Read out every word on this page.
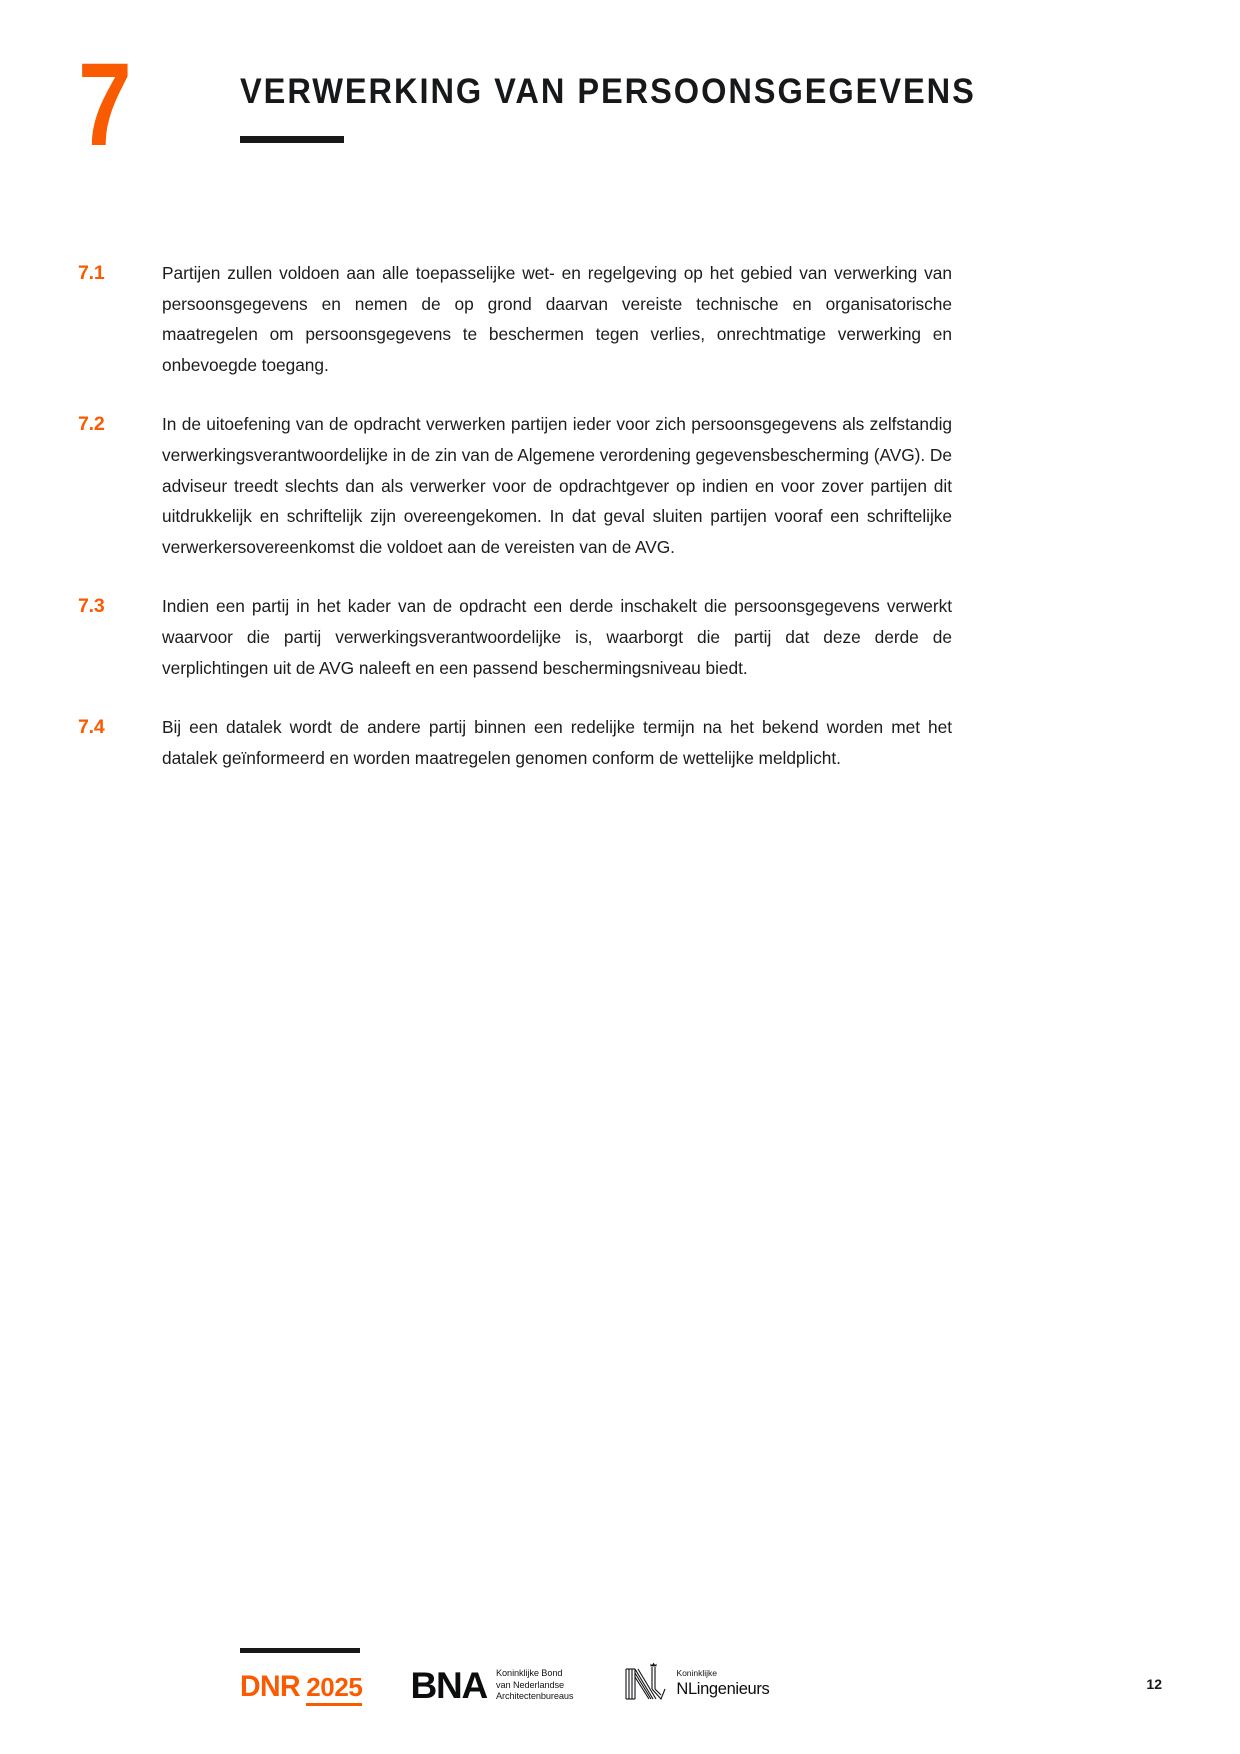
7	VERWERKING VAN PERSOONSGEGEVENS
7.1	Partijen zullen voldoen aan alle toepasselijke wet- en regelgeving op het gebied van verwerking van persoonsgegevens en nemen de op grond daarvan vereiste technische en organisatorische maatregelen om persoonsgegevens te beschermen tegen verlies, onrechtmatige verwerking en onbevoegde toegang.
7.2	In de uitoefening van de opdracht verwerken partijen ieder voor zich persoonsgegevens als zelfstandig verwerkingsverantwoordelijke in de zin van de Algemene verordening gegevensbescherming (AVG). De adviseur treedt slechts dan als verwerker voor de opdrachtgever op indien en voor zover partijen dit uitdrukkelijk en schriftelijk zijn overeengekomen. In dat geval sluiten partijen vooraf een schriftelijke verwerkersovereenkomst die voldoet aan de vereisten van de AVG.
7.3	Indien een partij in het kader van de opdracht een derde inschakelt die persoonsgegevens verwerkt waarvoor die partij verwerkingsverantwoordelijke is, waarborgt die partij dat deze derde de verplichtingen uit de AVG naleeft en een passend beschermingsniveau biedt.
7.4	Bij een datalek wordt de andere partij binnen een redelijke termijn na het bekend worden met het datalek geïnformeerd en worden maatregelen genomen conform de wettelijke meldplicht.
DNR 2025 BNA Koninklijke Bond
van Nederlandse
Architectenbureaus
Koninklijke
NLingenieurs	12
